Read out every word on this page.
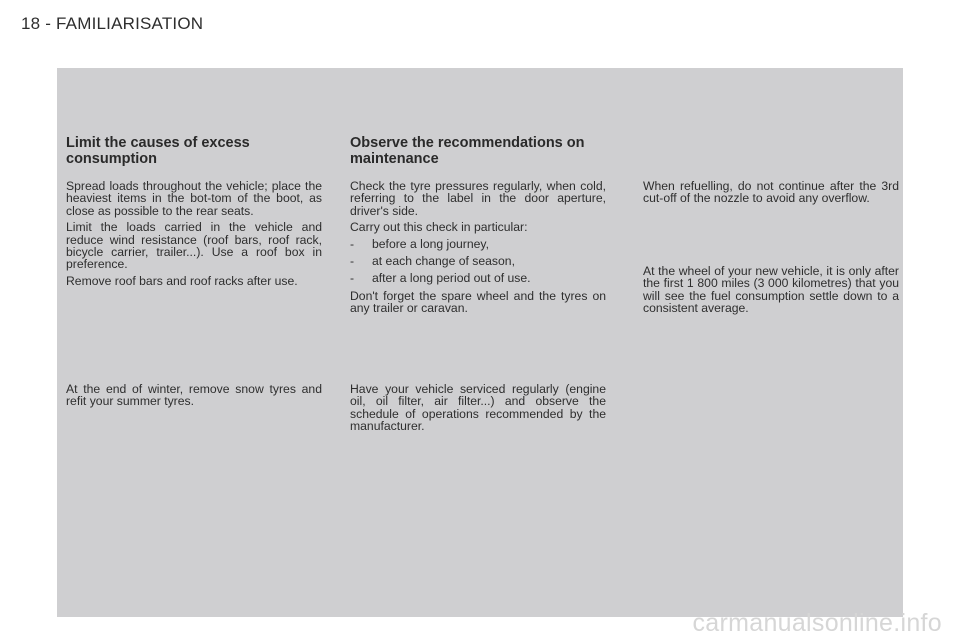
18 - FAMILIARISATION
Limit the causes of excess consumption

Spread loads throughout the vehicle; place the heaviest items in the bot-tom of the boot, as close as possible to the rear seats.

Limit the loads carried in the vehicle and reduce wind resistance (roof bars, roof rack, bicycle carrier, trailer...). Use a roof box in preference.

Remove roof bars and roof racks after use.

At the end of winter, remove snow tyres and refit your summer tyres.

Observe the recommendations on maintenance

Check the tyre pressures regularly, when cold, referring to the label in the door aperture, driver's side.

Carry out this check in particular:

-	before a long journey,
-	at each change of season,
-	after a long period out of use.

Don't forget the spare wheel and the tyres on any trailer or caravan.

Have your vehicle serviced regularly (engine oil, oil filter, air filter...) and observe the schedule of operations recommended by the manufacturer.

When refuelling, do not continue after the 3rd cut-off of the nozzle to avoid any overflow.

At the wheel of your new vehicle, it is only after the first 1 800 miles (3 000 kilometres) that you will see the fuel consumption settle down to a consistent average.

carmanualsonline.info
